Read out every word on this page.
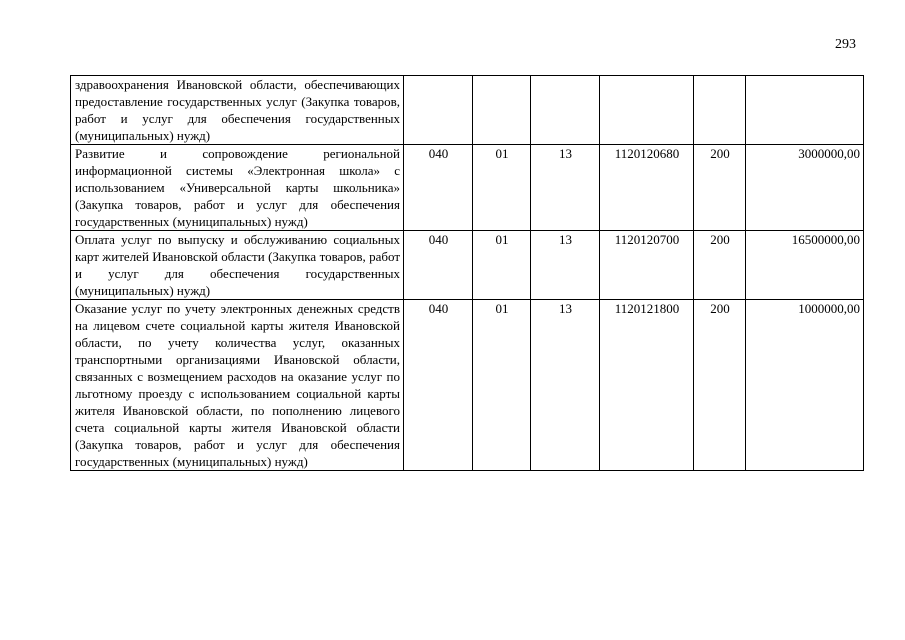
293
здравоохранения Ивановской области, обеспечивающих предоставление государственных услуг (Закупка товаров, работ и услуг для обеспечения государственных (муниципальных) нужд)						
Развитие и сопровождение региональной информационной системы «Электронная школа» с использованием «Универсальной карты школьника» (Закупка товаров, работ и услуг для обеспечения государственных (муниципальных) нужд)	040	01	13	1120120680	200	3000000,00
Оплата услуг по выпуску и обслуживанию социальных карт жителей Ивановской области (Закупка товаров, работ и услуг для обеспечения государственных (муниципальных) нужд)	040	01	13	1120120700	200	16500000,00
Оказание услуг по учету электронных денежных средств на лицевом счете социальной карты жителя Ивановской области, по учету количества услуг, оказанных транспортными организациями Ивановской области, связанных с возмещением расходов на оказание услуг по льготному проезду с использованием социальной карты жителя Ивановской области, по пополнению лицевого счета социальной карты жителя Ивановской области (Закупка товаров, работ и услуг для обеспечения государственных (муниципальных) нужд)	040	01	13	1120121800	200	1000000,00
